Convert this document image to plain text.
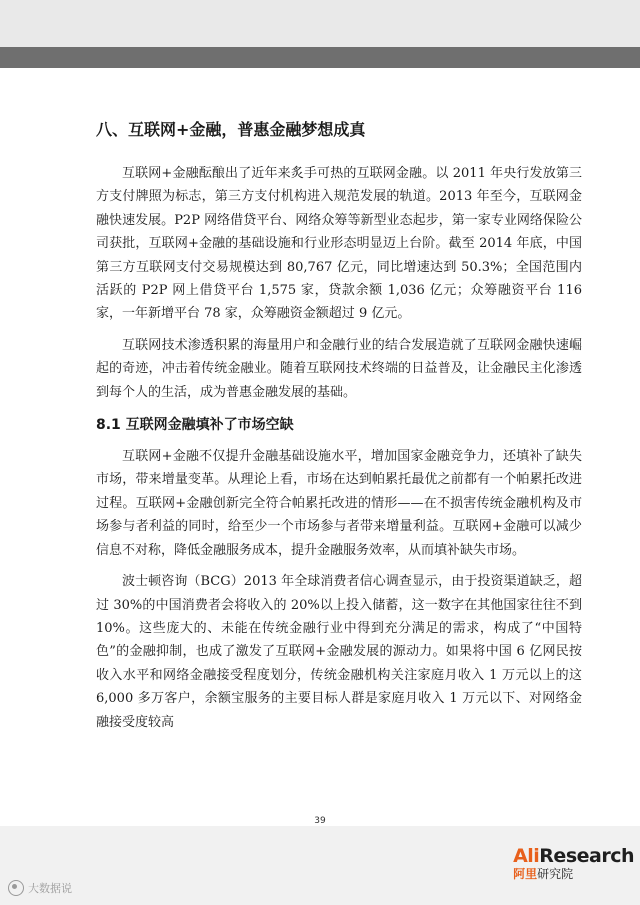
八、互联网+金融，普惠金融梦想成真

互联网+金融酝酿出了近年来炙手可热的互联网金融。以 2011 年央行发放第三方支付牌照为标志，第三方支付机构进入规范发展的轨道。2013 年至今，互联网金融快速发展。P2P 网络借贷平台、网络众筹等新型业态起步，第一家专业网络保险公司获批，互联网+金融的基础设施和行业形态明显迈上台阶。截至 2014 年底，中国第三方互联网支付交易规模达到 80,767 亿元，同比增速达到 50.3%；全国范围内活跃的 P2P 网上借贷平台 1,575 家，贷款余额 1,036 亿元；众筹融资平台 116 家，一年新增平台 78 家，众筹融资金额超过 9 亿元。

互联网技术渗透积累的海量用户和金融行业的结合发展造就了互联网金融快速崛起的奇迹，冲击着传统金融业。随着互联网技术终端的日益普及，让金融民主化渗透到每个人的生活，成为普惠金融发展的基础。

8.1 互联网金融填补了市场空缺

互联网+金融不仅提升金融基础设施水平，增加国家金融竞争力，还填补了缺失市场，带来增量变革。从理论上看，市场在达到帕累托最优之前都有一个帕累托改进过程。互联网+金融创新完全符合帕累托改进的情形——在不损害传统金融机构及市场参与者利益的同时，给至少一个市场参与者带来增量利益。互联网+金融可以减少信息不对称，降低金融服务成本，提升金融服务效率，从而填补缺失市场。

波士顿咨询（BCG）2013 年全球消费者信心调查显示，由于投资渠道缺乏，超过 30%的中国消费者会将收入的 20%以上投入储蓄，这一数字在其他国家往往不到 10%。这些庞大的、未能在传统金融行业中得到充分满足的需求，构成了“中国特色”的金融抑制，也成了激发了互联网+金融发展的源动力。如果将中国 6 亿网民按收入水平和网络金融接受程度划分，传统金融机构关注家庭月收入 1 万元以上的这 6,000 多万客户，余额宝服务的主要目标人群是家庭月收入 1 万元以下、对网络金融接受度较高

39
AliResearch
阿里研究院
大数据说
